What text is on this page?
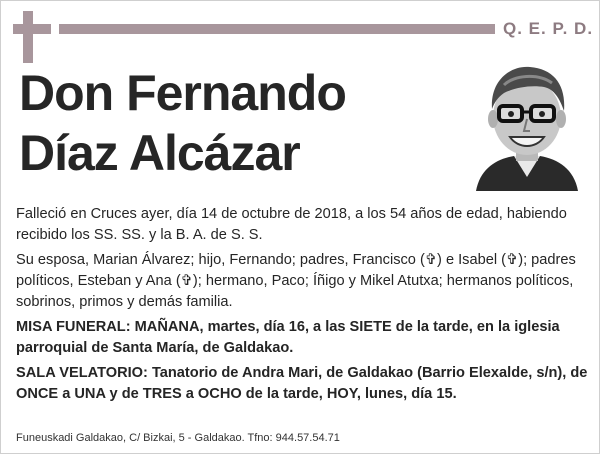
Q. E. P. D.
Don Fernando
Díaz Alcázar

Falleció en Cruces ayer, día 14 de octubre de 2018, a los 54 años de edad, habiendo recibido los SS. SS. y la B. A. de S. S.

Su esposa, Marian Álvarez; hijo, Fernando; padres, Francisco (✞) e Isabel (✞); padres políticos, Esteban y Ana (✞); hermano, Paco; Íñigo y Mikel Atutxa; hermanos políticos, sobrinos, primos y demás familia.

MISA FUNERAL: MAÑANA, martes, día 16, a las SIETE de la tarde, en la iglesia parroquial de Santa María, de Galdakao.

SALA VELATORIO: Tanatorio de Andra Mari, de Galdakao (Barrio Elexalde, s/n), de ONCE a UNA y de TRES a OCHO de la tarde, HOY, lunes, día 15.

Funeuskadi Galdakao, C/ Bizkai, 5 - Galdakao. Tfno: 944.57.54.71
